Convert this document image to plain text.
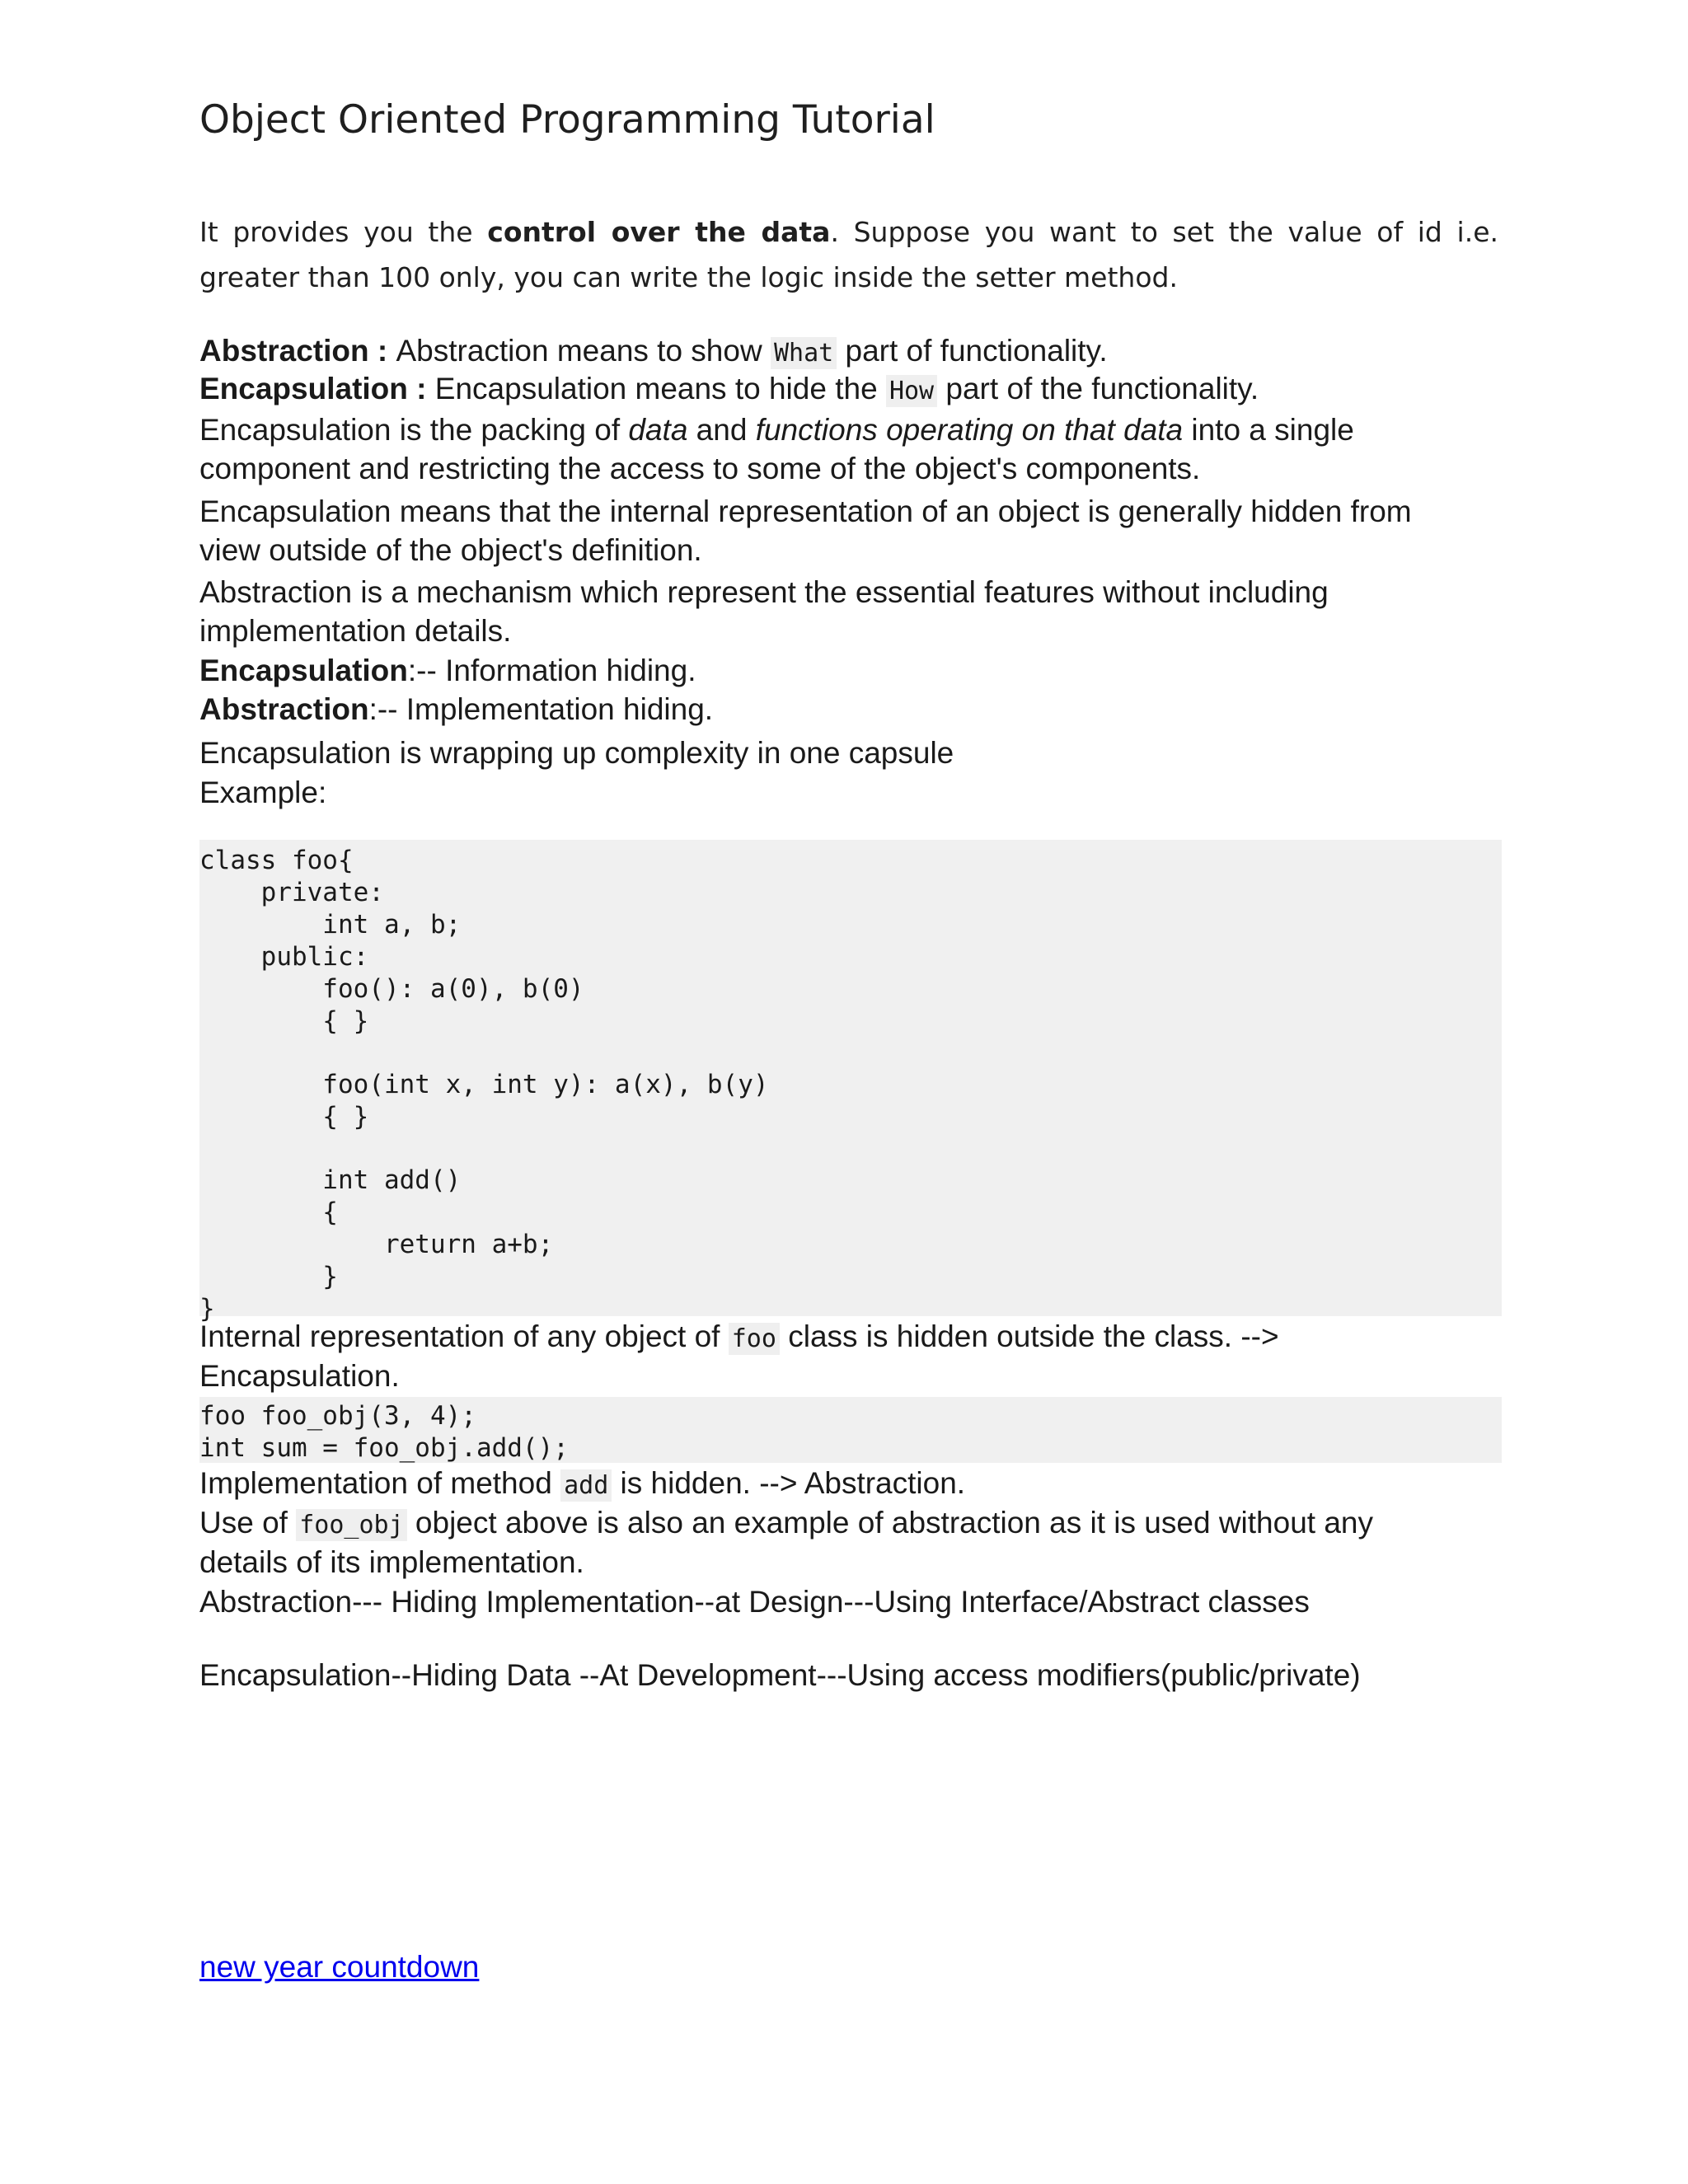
Object Oriented Programming Tutorial

It provides you the control over the data. Suppose you want to set the value of id i.e. greater than 100 only, you can write the logic inside the setter method.

Abstraction : Abstraction means to show What part of functionality.
Encapsulation : Encapsulation means to hide the How part of the functionality.
Encapsulation is the packing of data and functions operating on that data into a single
component and restricting the access to some of the object's components.
Encapsulation means that the internal representation of an object is generally hidden from
view outside of the object's definition.
Abstraction is a mechanism which represent the essential features without including
implementation details.
Encapsulation:-- Information hiding.
Abstraction:-- Implementation hiding.
Encapsulation is wrapping up complexity in one capsule
Example:
class foo{
private:
int a, b;
public:
foo(): a(0), b(0)
{ }
foo(int x, int y): a(x), b(y)
{ }
int add()
{
return a+b;
}
}
Internal representation of any object of foo class is hidden outside the class. -->
Encapsulation.
foo foo_obj(3, 4);
int sum = foo_obj.add();
Implementation of method add is hidden. --> Abstraction.
Use of foo_obj object above is also an example of abstraction as it is used without any
details of its implementation.
Abstraction--- Hiding Implementation--at Design---Using Interface/Abstract classes
Encapsulation--Hiding Data --At Development---Using access modifiers(public/private)
new year countdown
